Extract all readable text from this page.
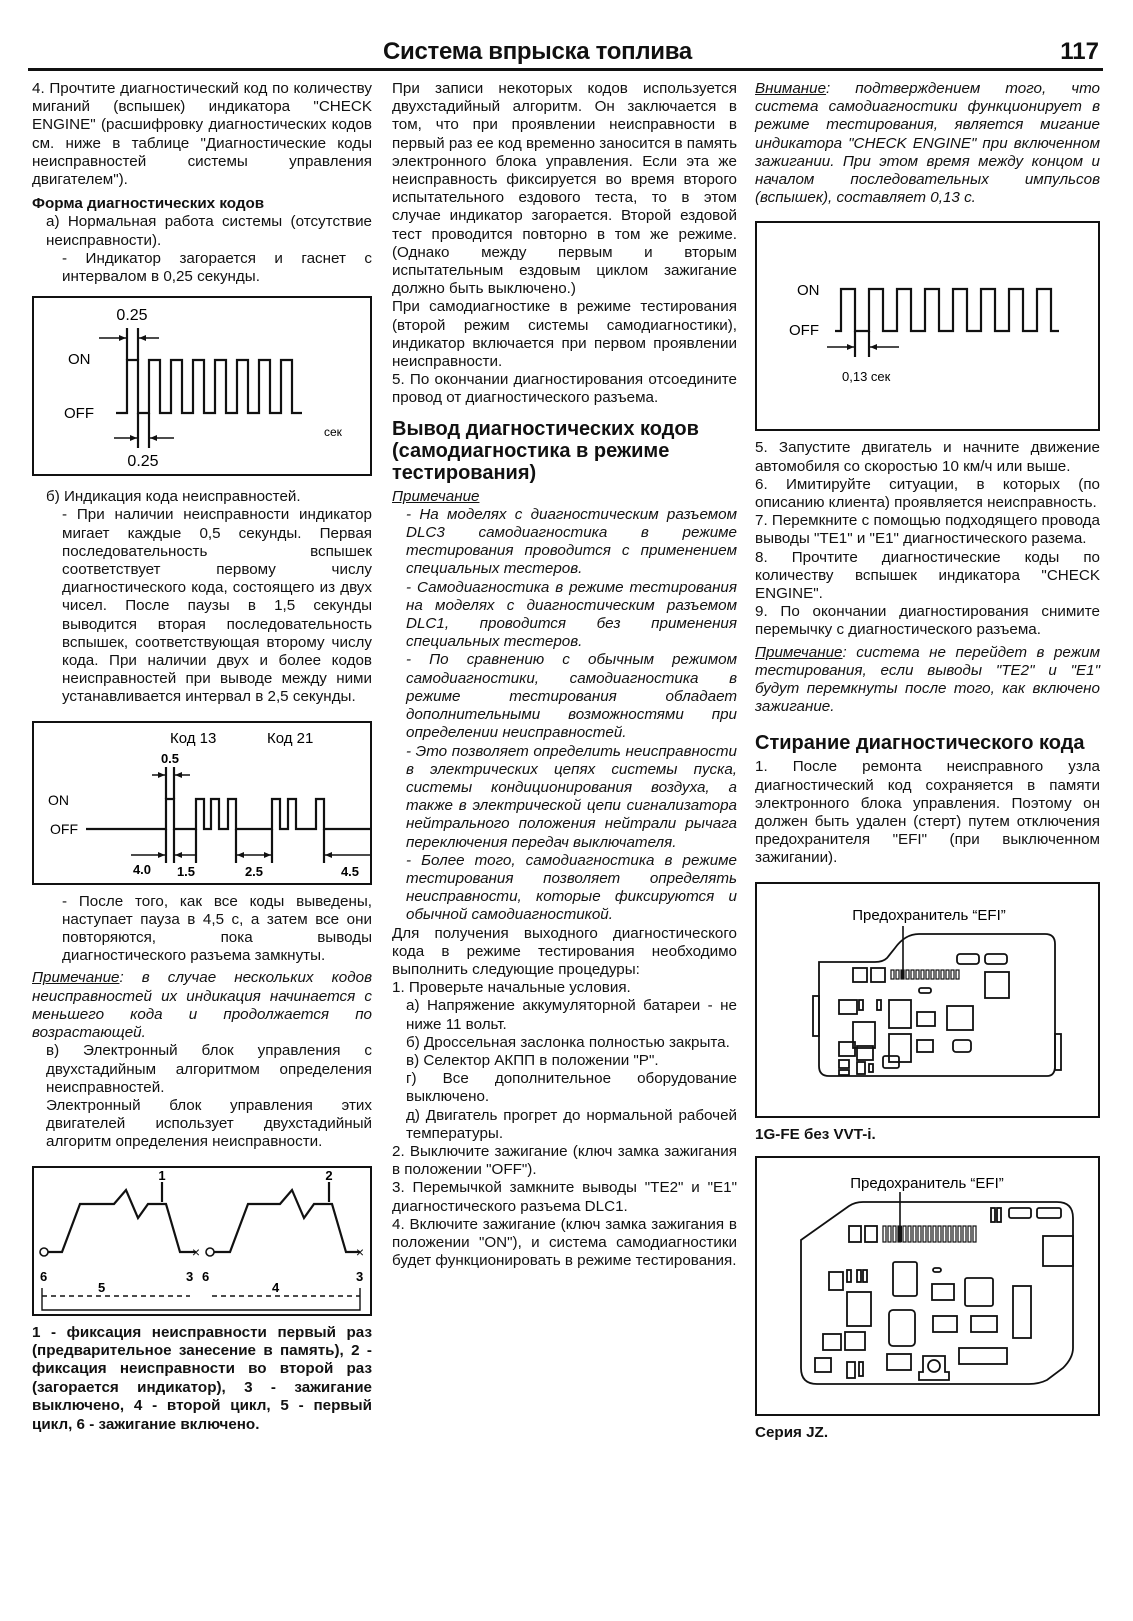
Система впрыска топлива	117

4. Прочтите диагностический код по количеству миганий (вспышек) индикатора "CHECK ENGINE" (расшифровку диагностических кодов см. ниже в таблице "Диагностические коды неисправностей системы управления двигателем").

Форма диагностических кодов

а) Нормальная работа системы (отсутствие неисправности).

- Индикатор загорается и гаснет с интервалом в 0,25 секунды.

0.25
ON
OFF
сек
0.25

б) Индикация кода неисправностей.

- При наличии неисправности индикатор мигает каждые 0,5 секунды. Первая последовательность вспышек соответствует первому числу диагностического кода, состоящего из двух чисел. После паузы в 1,5 секунды выводится вторая последовательность вспышек, соответствующая второму числу кода. При наличии двух и более кодов неисправностей при выводе между ними устанавливается интервал в 2,5 секунды.

Код 13	Код 21
0.5
ON
OFF
4.0 1.5	2.5	4.5

- После того, как все коды выведены, наступает пауза в 4,5 с, а затем все они повторяются, пока выводы диагностического разъема замкнуты.

Примечание: в случае нескольких кодов неисправностей их индикация начинается с меньшего кода и продолжается по возрастающей.

в) Электронный блок управления с двухстадийным алгоритмом определения неисправностей.

Электронный блок управления этих двигателей использует двухстадийный алгоритм определения неисправности.

×	×
1	2
6	3 6	3
5	4

1 - фиксация неисправности первый раз (предварительное занесение в память), 2 - фиксация неисправности во второй раз (загорается индикатор), 3 - зажигание выключено, 4 - второй цикл, 5 - первый цикл, 6 - зажигание включено.

При записи некоторых кодов используется двухстадийный алгоритм. Он заключается в том, что при проявлении неисправности в первый раз ее код временно заносится в память электронного блока управления. Если эта же неисправность фиксируется во время второго испытательного ездового теста, то в этом случае индикатор загорается. Второй ездовой тест проводится повторно в том же режиме. (Однако между первым и вторым испытательным ездовым циклом зажигание должно быть выключено.)

При самодиагностике в режиме тестирования (второй режим системы самодиагностики), индикатор включается при первом проявлении неисправности.

5. По окончании диагностирования отсоедините провод от диагностического разъема.

Вывод диагностических кодов (самодиагностика в режиме тестирования)

Примечание

- На моделях с диагностическим разъемом DLC3 самодиагностика в режиме тестирования проводится с применением специальных тестеров.

- Самодиагностика в режиме тестирования на моделях с диагностическим разъемом DLC1, проводится без применения специальных тестеров.

- По сравнению с обычным режимом самодиагностики, самодиагностика в режиме тестирования обладает дополнительными возможностями при определении неисправностей.

- Это позволяет определить неисправности в электрических цепях системы пуска, системы кондиционирования воздуха, а также в электрической цепи сигнализатора нейтрального положения нейтрали рычага переключения передач выключателя.

- Более того, самодиагностика в режиме тестирования позволяет определять неисправности, которые фиксируются и обычной самодиагностикой.

Для получения выходного диагностического кода в режиме тестирования необходимо выполнить следующие процедуры:

1. Проверьте начальные условия.

а) Напряжение аккумуляторной батареи - не ниже 11 вольт.

б) Дроссельная заслонка полностью закрыта.

в) Селектор АКПП в положении "Р".

г) Все дополнительное оборудование выключено.

д) Двигатель прогрет до нормальной рабочей температуры.

2. Выключите зажигание (ключ замка зажигания в положении "OFF").

3. Перемычкой замкните выводы "TE2" и "E1" диагностического разъема DLC1.

4. Включите зажигание (ключ замка зажигания в положении "ON"), и система самодиагностики будет функционировать в режиме тестирования.

Внимание: подтверждением того, что система самодиагностики функционирует в режиме тестирования, является мигание индикатора "CHECK ENGINE" при включенном зажигании. При этом время между концом и началом последовательных импульсов (вспышек), составляет 0,13 с.

ON
OFF
0,13 сек

5. Запустите двигатель и начните движение автомобиля со скоростью 10 км/ч или выше.

6. Имитируйте ситуации, в которых (по описанию клиента) проявляется неисправность.

7. Перемкните с помощью подходящего провода выводы "TE1" и "E1" диагностического разема.

8. Прочтите диагностические коды по количеству вспышек индикатора "CHECK ENGINE".

9. По окончании диагностирования снимите перемычку с диагностического разъема.

Примечание: система не перейдет в режим тестирования, если выводы "TE2" и "E1" будут перемкнуты после того, как включено зажигание.

Стирание диагностического кода

1. После ремонта неисправного узла диагностический код сохраняется в памяти электронного блока управления. Поэтому он должен быть удален (стерт) путем отключения предохранителя "EFI" (при выключенном зажигании).

Предохранитель “EFI”

1G-FE без VVT-i.

Предохранитель “EFI”

Серия JZ.
